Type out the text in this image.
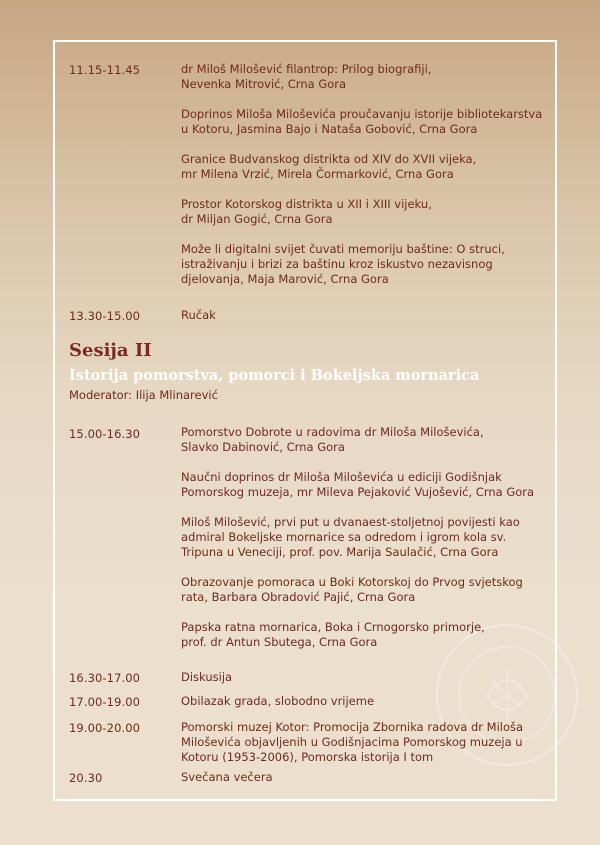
11.15-11.45	dr Miloš Milošević filantrop: Prilog biografiji,
Nevenka Mitrović, Crna Gora

Doprinos Miloša Miloševića proučavanju istorije bibliotekarstva
u Kotoru, Jasmina Bajo i Nataša Gobović, Crna Gora

Granice Budvanskog distrikta od XIV do XVII vijeka,
mr Milena Vrzić, Mirela Čormarković, Crna Gora

Prostor Kotorskog distrikta u XII i XIII vijeku,
dr Miljan Gogić, Crna Gora

Može li digitalni svijet čuvati memoriju baštine: O struci,
istraživanju i brizi za baštinu kroz iskustvo nezavisnog
djelovanja, Maja Marović, Crna Gora

13.30-15.00	Ručak

Sesija II
Istorija pomorstva, pomorci i Bokeljska mornarica
Moderator: Ilija Mlinarević
15.00-16.30	Pomorstvo Dobrote u radovima dr Miloša Miloševića,
Slavko Dabinović, Crna Gora

Naučni doprinos dr Miloša Miloševića u ediciji Godišnjak
Pomorskog muzeja, mr Mileva Pejaković Vujošević, Crna Gora

Miloš Milošević, prvi put u dvanaest-stoljetnoj povijesti kao
admiral Bokeljske mornarice sa odredom i igrom kola sv.
Tripuna u Veneciji, prof. pov. Marija Saulačić, Crna Gora

Obrazovanje pomoraca u Boki Kotorskoj do Prvog svjetskog
rata, Barbara Obradović Pajić, Crna Gora

Papska ratna mornarica, Boka i Crnogorsko primorje,
prof. dr Antun Sbutega, Crna Gora

16.30-17.00	Diskusija

17.00-19.00	Obilazak grada, slobodno vrijeme

19.00-20.00	Pomorski muzej Kotor: Promocija Zbornika radova dr Miloša
Miloševića objavljenih u Godišnjacima Pomorskog muzeja u
Kotoru (1953-2006), Pomorska istorija I tom

20.30	Svečana večera
